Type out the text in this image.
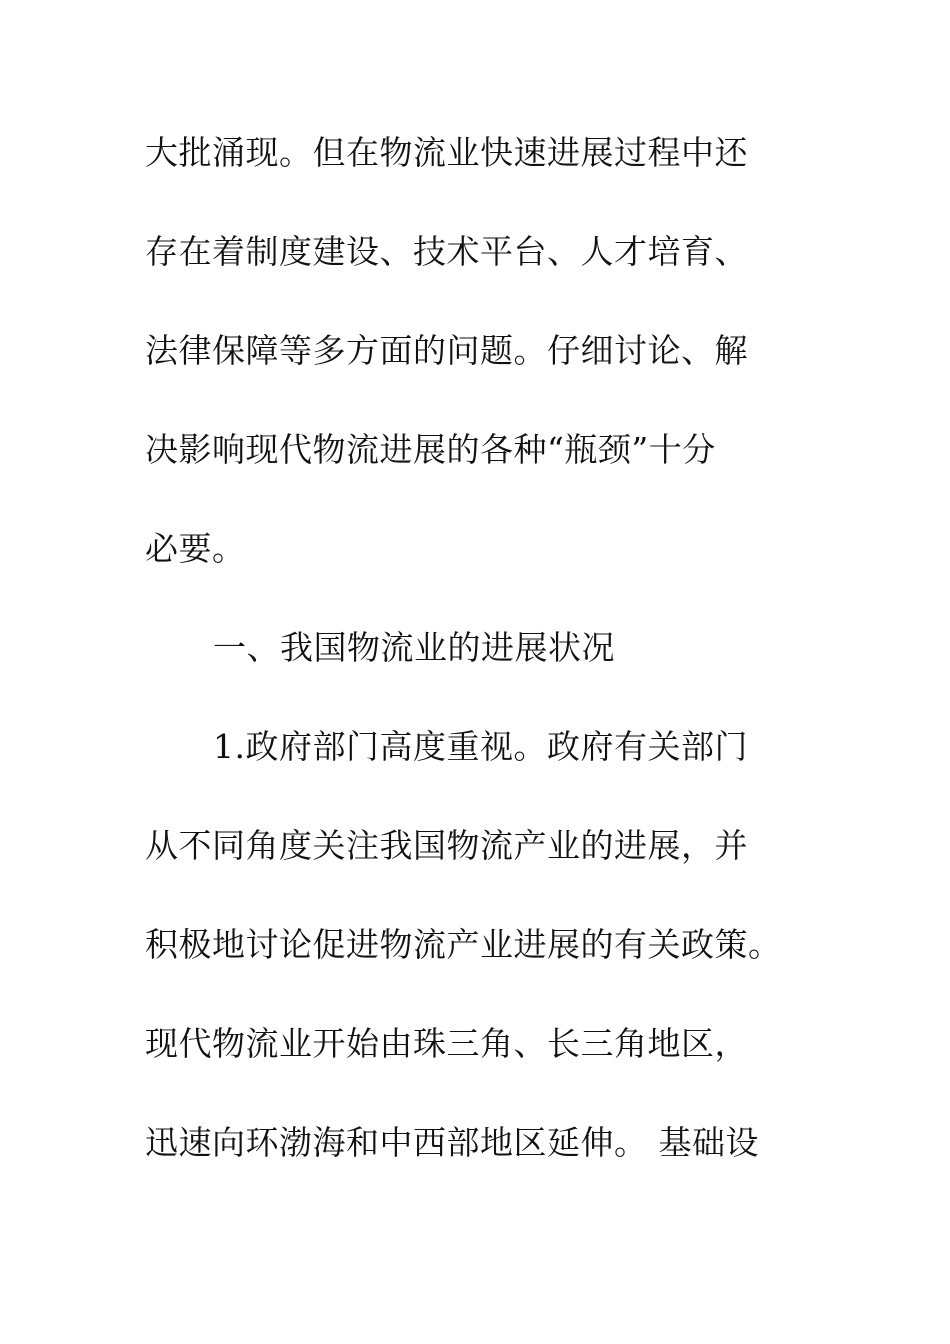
大批涌现。但在物流业快速进展过程中还
存在着制度建设、技术平台、人才培育、
法律保障等多方面的问题。仔细讨论、解
决影响现代物流进展的各种“瓶颈”十分
必要。
一、我国物流业的进展状况
1.政府部门高度重视。政府有关部门
从不同角度关注我国物流产业的进展，并
积极地讨论促进物流产业进展的有关政策。
现代物流业开始由珠三角、长三角地区，
迅速向环渤海和中西部地区延伸。 基础设
